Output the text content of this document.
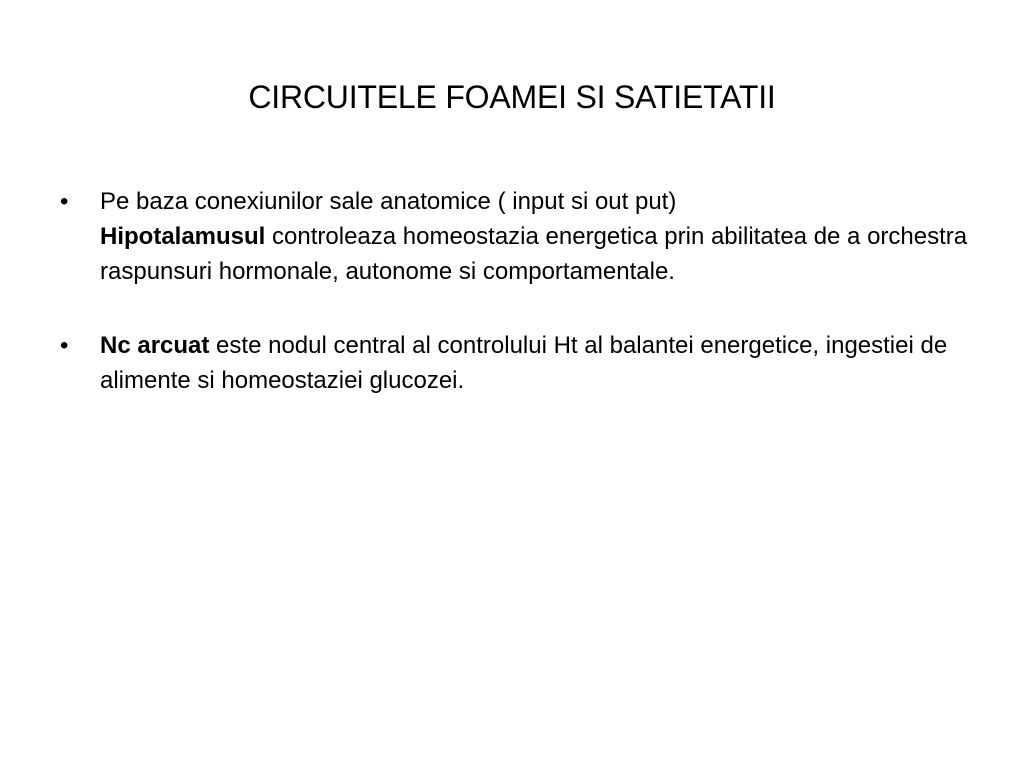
CIRCUITELE FOAMEI SI SATIETATII
•	Pe baza conexiunilor sale anatomice ( input si out put)
Hipotalamusul controleaza homeostazia energetica prin abilitatea de a orchestra raspunsuri hormonale, autonome si comportamentale.
•	Nc arcuat este nodul central al controlului Ht al balantei energetice, ingestiei de alimente si homeostaziei glucozei.
